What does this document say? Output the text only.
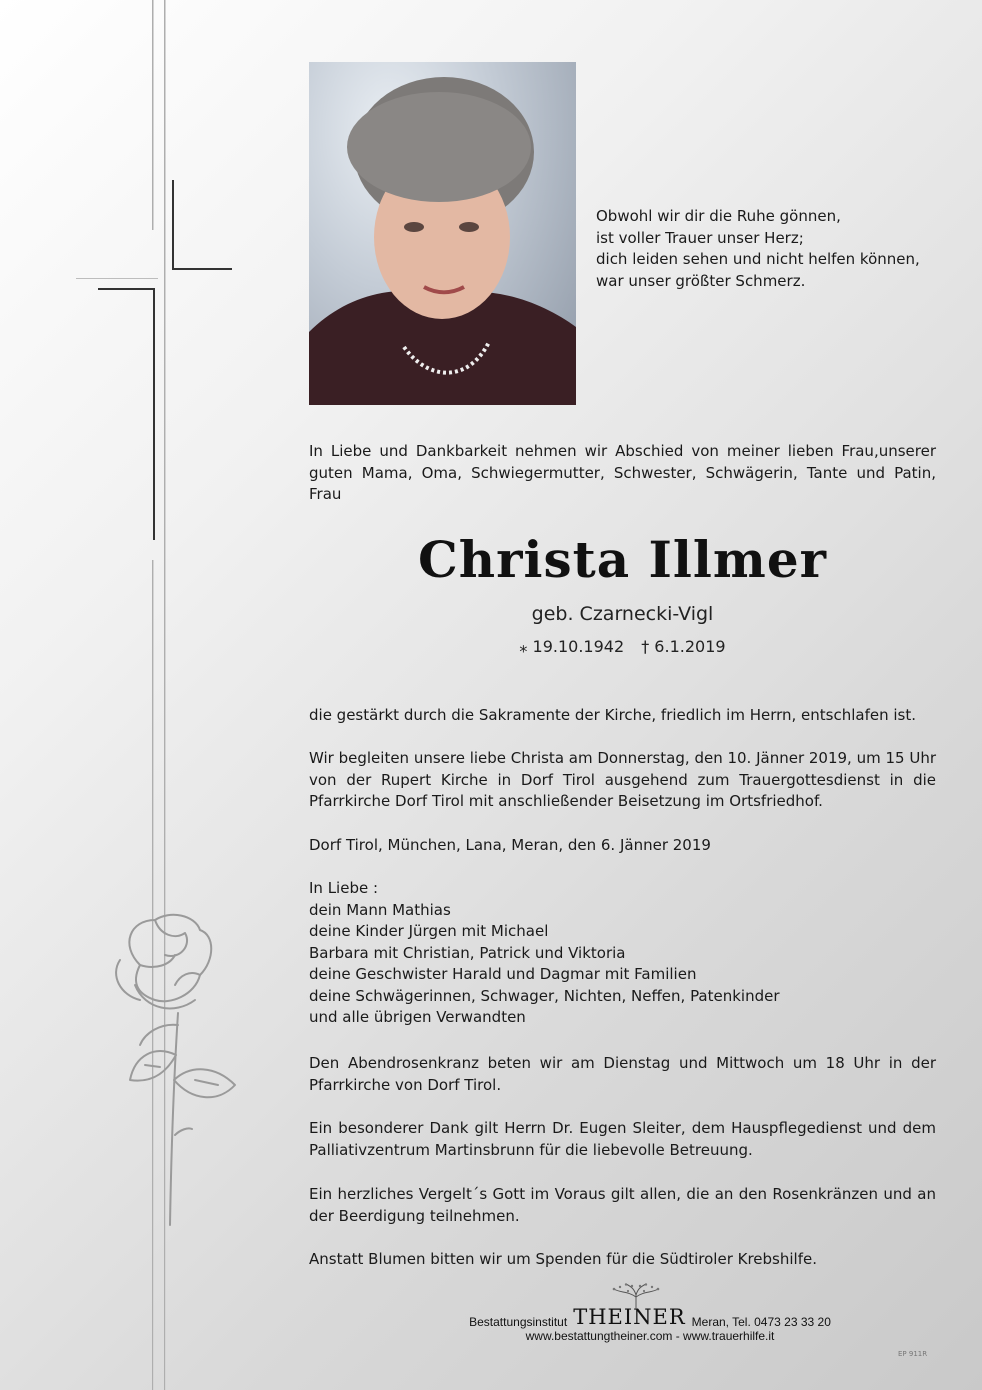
Obwohl wir dir die Ruhe gönnen,
ist voller Trauer unser Herz;
dich leiden sehen und nicht helfen können,
war unser größter Schmerz.
In Liebe und Dankbarkeit nehmen wir Abschied von meiner lieben Frau,unserer guten Mama, Oma, Schwiegermutter, Schwester, Schwägerin, Tante und Patin, Frau
Christa Illmer
geb. Czarnecki-Vigl
⁎ 19.10.1942 † 6.1.2019
die gestärkt durch die Sakramente der Kirche, friedlich im Herrn, entschlafen ist.
Wir begleiten unsere liebe Christa am Donnerstag, den 10. Jänner 2019, um 15 Uhr von der Rupert Kirche in Dorf Tirol ausgehend zum Trauergottesdienst in die Pfarrkirche Dorf Tirol mit anschließender Beisetzung im Ortsfriedhof.
Dorf Tirol, München, Lana, Meran, den 6. Jänner 2019
In Liebe :
dein Mann Mathias
deine Kinder Jürgen mit Michael
Barbara mit Christian, Patrick und Viktoria
deine Geschwister Harald und Dagmar mit Familien
deine Schwägerinnen, Schwager, Nichten, Neffen, Patenkinder
und alle übrigen Verwandten
Den Abendrosenkranz beten wir am Dienstag und Mittwoch um 18 Uhr in der Pfarrkirche von Dorf Tirol.
Ein besonderer Dank gilt Herrn Dr. Eugen Sleiter, dem Hauspflegedienst und dem Palliativzentrum Martinsbrunn für die liebevolle Betreuung.
Ein herzliches Vergelt´s Gott im Voraus gilt allen, die an den Rosenkränzen und an der Beerdigung teilnehmen.
Anstatt Blumen bitten wir um Spenden für die Südtiroler Krebshilfe.
Bestattungsinstitut THEINER Meran, Tel. 0473 23 33 20
www.bestattungtheiner.com - www.trauerhilfe.it
EP 911R
